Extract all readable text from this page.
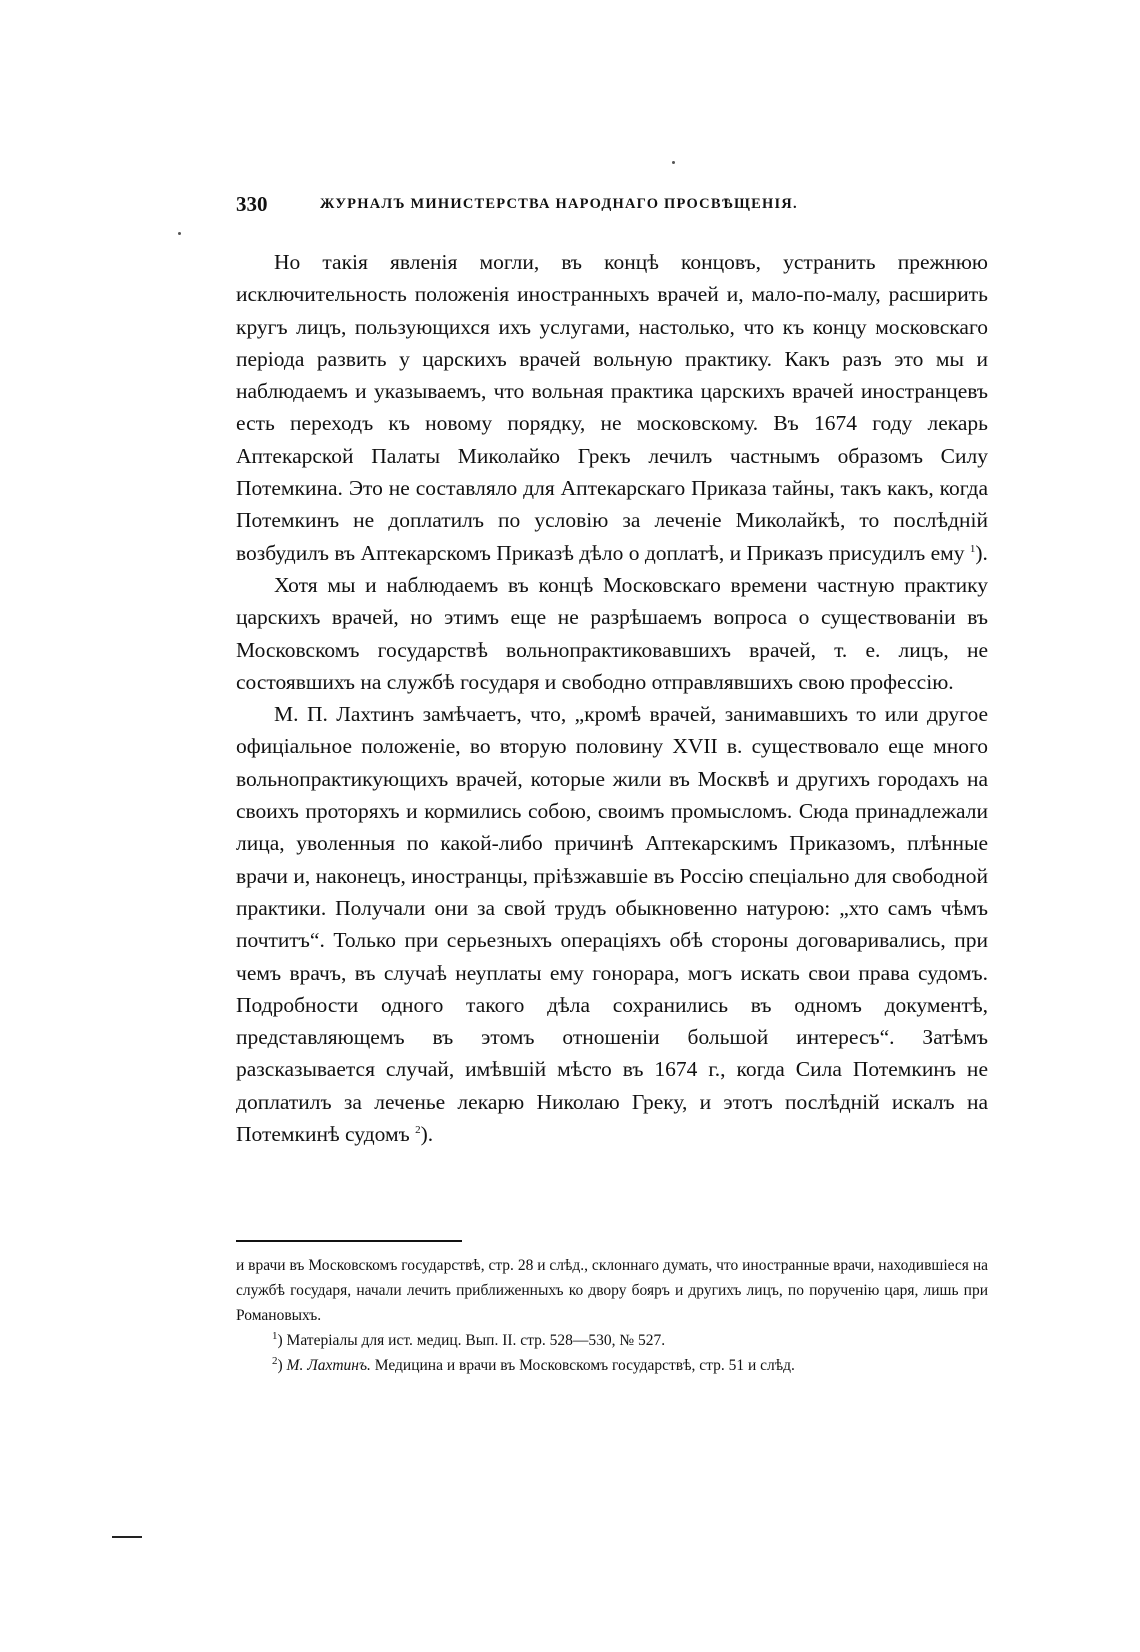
330	ЖУРНАЛЪ МИНИСТЕРСТВА НАРОДНАГО ПРОСВѢЩЕНІЯ.

Но такія явленія могли, въ концѣ концовъ, устранить прежнюю исключительность положенія иностранныхъ врачей и, мало-по-малу, расширить кругъ лицъ, пользующихся ихъ услугами, настолько, что къ концу московскаго періода развить у царскихъ врачей вольную практику. Какъ разъ это мы и наблюдаемъ и указываемъ, что вольная практика царскихъ врачей иностранцевъ есть переходъ къ новому порядку, не московскому. Въ 1674 году лекарь Аптекарской Палаты Миколайко Грекъ лечилъ частнымъ образомъ Силу Потемкина. Это не составляло для Аптекарскаго Приказа тайны, такъ какъ, когда Потемкинъ не доплатилъ по условію за леченіе Миколайкѣ, то послѣдній возбудилъ въ Аптекарскомъ Приказѣ дѣло о доплатѣ, и Приказъ присудилъ ему $^1$).

Хотя мы и наблюдаемъ въ концѣ Московскаго времени частную практику царскихъ врачей, но этимъ еще не разрѣшаемъ вопроса о существованіи въ Московскомъ государствѣ вольнопрактиковавшихъ врачей, т. е. лицъ, не состоявшихъ на службѣ государя и свободно отправлявшихъ свою профессію.

М. П. Лахтинъ замѣчаетъ, что, „кромѣ врачей, занимавшихъ то или другое офиціальное положеніе, во вторую половину XVII в. существовало еще много вольнопрактикующихъ врачей, которые жили въ Москвѣ и другихъ городахъ на своихъ проторяхъ и кормились собою, своимъ промысломъ. Сюда принадлежали лица, уволенныя по какой-либо причинѣ Аптекарскимъ Приказомъ, плѣнные врачи и, наконецъ, иностранцы, пріѣзжавшіе въ Россію спеціально для свободной практики. Получали они за свой трудъ обыкновенно натурою: „хто самъ чѣмъ почтитъ“. Только при серьезныхъ операціяхъ обѣ стороны договаривались, при чемъ врачъ, въ случаѣ неуплаты ему гонорара, могъ искать свои права судомъ. Подробности одного такого дѣла сохранились въ одномъ документѣ, представляющемъ въ этомъ отношеніи большой интересъ“. Затѣмъ разсказывается случай, имѣвшій мѣсто въ 1674 г., когда Сила Потемкинъ не доплатилъ за леченье лекарю Николаю Греку, и этотъ послѣдній искалъ на Потемкинѣ судомъ $^2$).

и врачи въ Московскомъ государствѣ, стр. 28 и слѣд., склоннаго думать, что иностранные врачи, находившіеся на службѣ государя, начали лечить приближенныхъ ко двору бояръ и другихъ лицъ, по порученію царя, лишь при Романовыхъ.

$^1$) Матеріалы для ист. медиц. Вып. II. стр. 528—530, № 527.

$^2$) М. Лахтинъ. Медицина и врачи въ Московскомъ государствѣ, стр. 51 и слѣд.
